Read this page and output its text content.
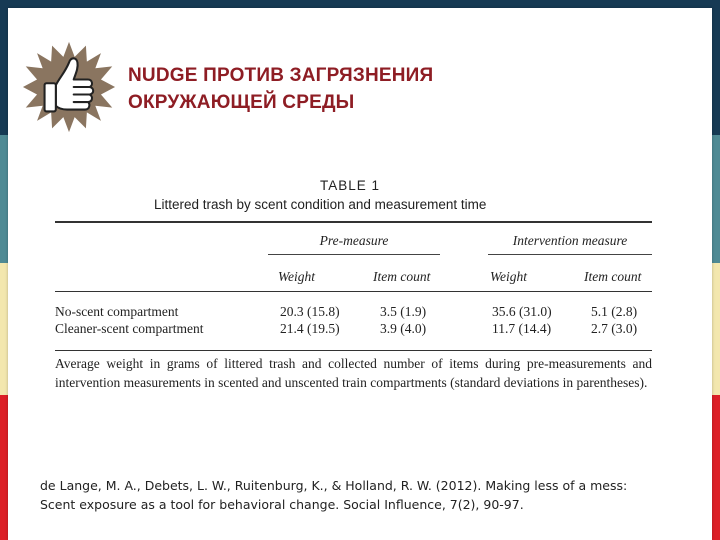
NUDGE ПРОТИВ ЗАГРЯЗНЕНИЯ
ОКРУЖАЮЩЕЙ СРЕДЫ
TABLE 1
Littered trash by scent condition and measurement time
Pre-measure	Intervention measure
Weight	Item count	Weight	Item count
No-scent compartment	20.3 (15.8)	3.5 (1.9)	35.6 (31.0)	5.1 (2.8)
Cleaner-scent compartment	21.4 (19.5)	3.9 (4.0)	11.7 (14.4)	2.7 (3.0)
Average weight in grams of littered trash and collected number of items during pre-measurements and intervention measurements in scented and unscented train compartments (standard deviations in parentheses).
de Lange, M. A., Debets, L. W., Ruitenburg, K., & Holland, R. W. (2012). Making less of a mess:
Scent exposure as a tool for behavioral change. Social Influence, 7(2), 90-97.
